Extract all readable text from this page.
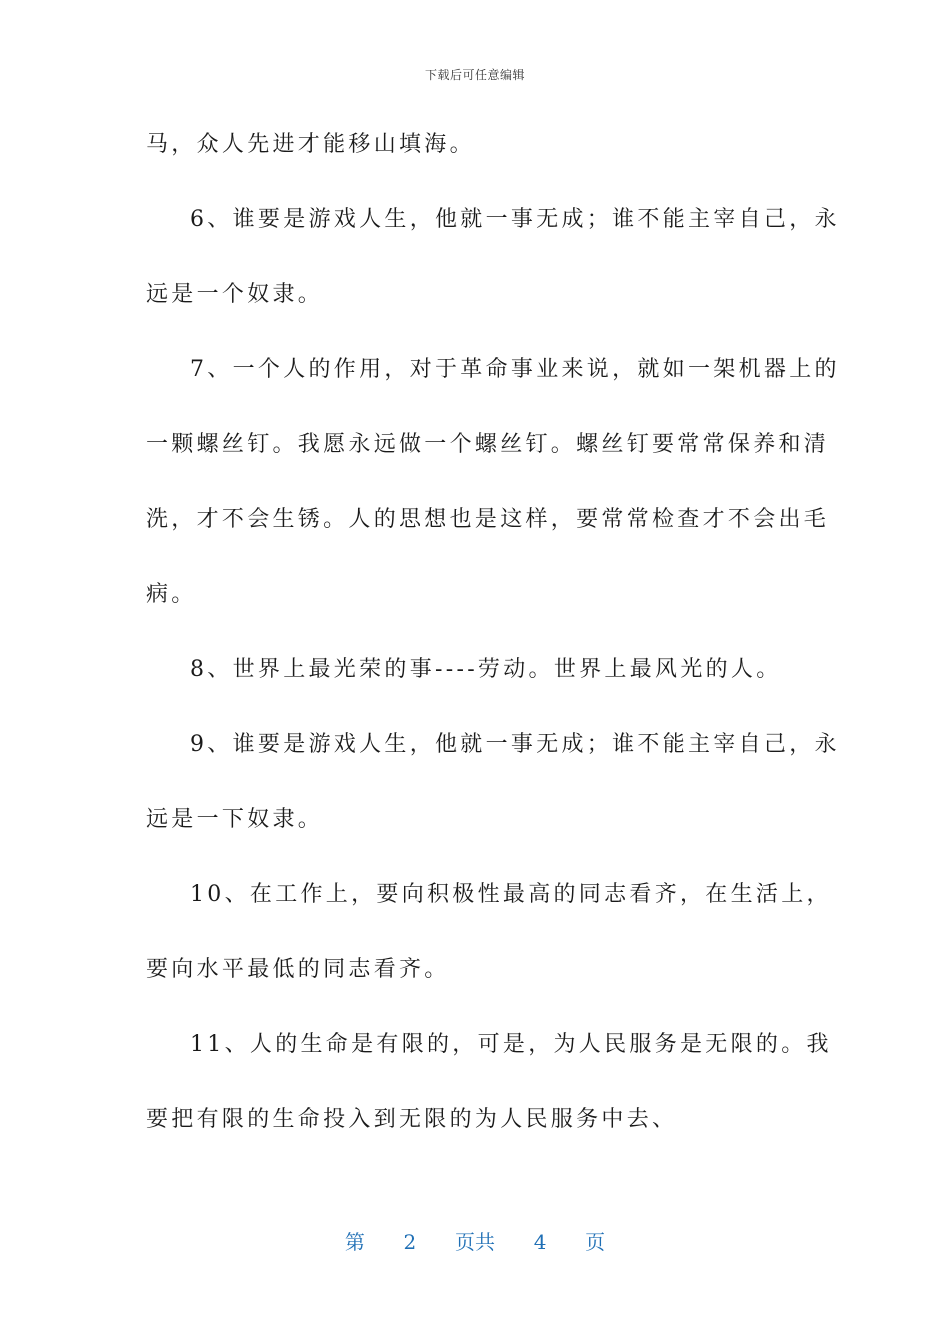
下载后可任意编辑
马，众人先进才能移山填海。
6、谁要是游戏人生，他就一事无成；谁不能主宰自己，永
远是一个奴隶。
7、一个人的作用，对于革命事业来说，就如一架机器上的
一颗螺丝钉。我愿永远做一个螺丝钉。螺丝钉要常常保养和清
洗，才不会生锈。人的思想也是这样，要常常检查才不会出毛
病。
8、世界上最光荣的事----劳动。世界上最风光的人。
9、谁要是游戏人生，他就一事无成；谁不能主宰自己，永
远是一下奴隶。
10、在工作上，要向积极性最高的同志看齐，在生活上，
要向水平最低的同志看齐。
11、人的生命是有限的，可是，为人民服务是无限的。我
要把有限的生命投入到无限的为人民服务中去、
第 2 页共 4 页
